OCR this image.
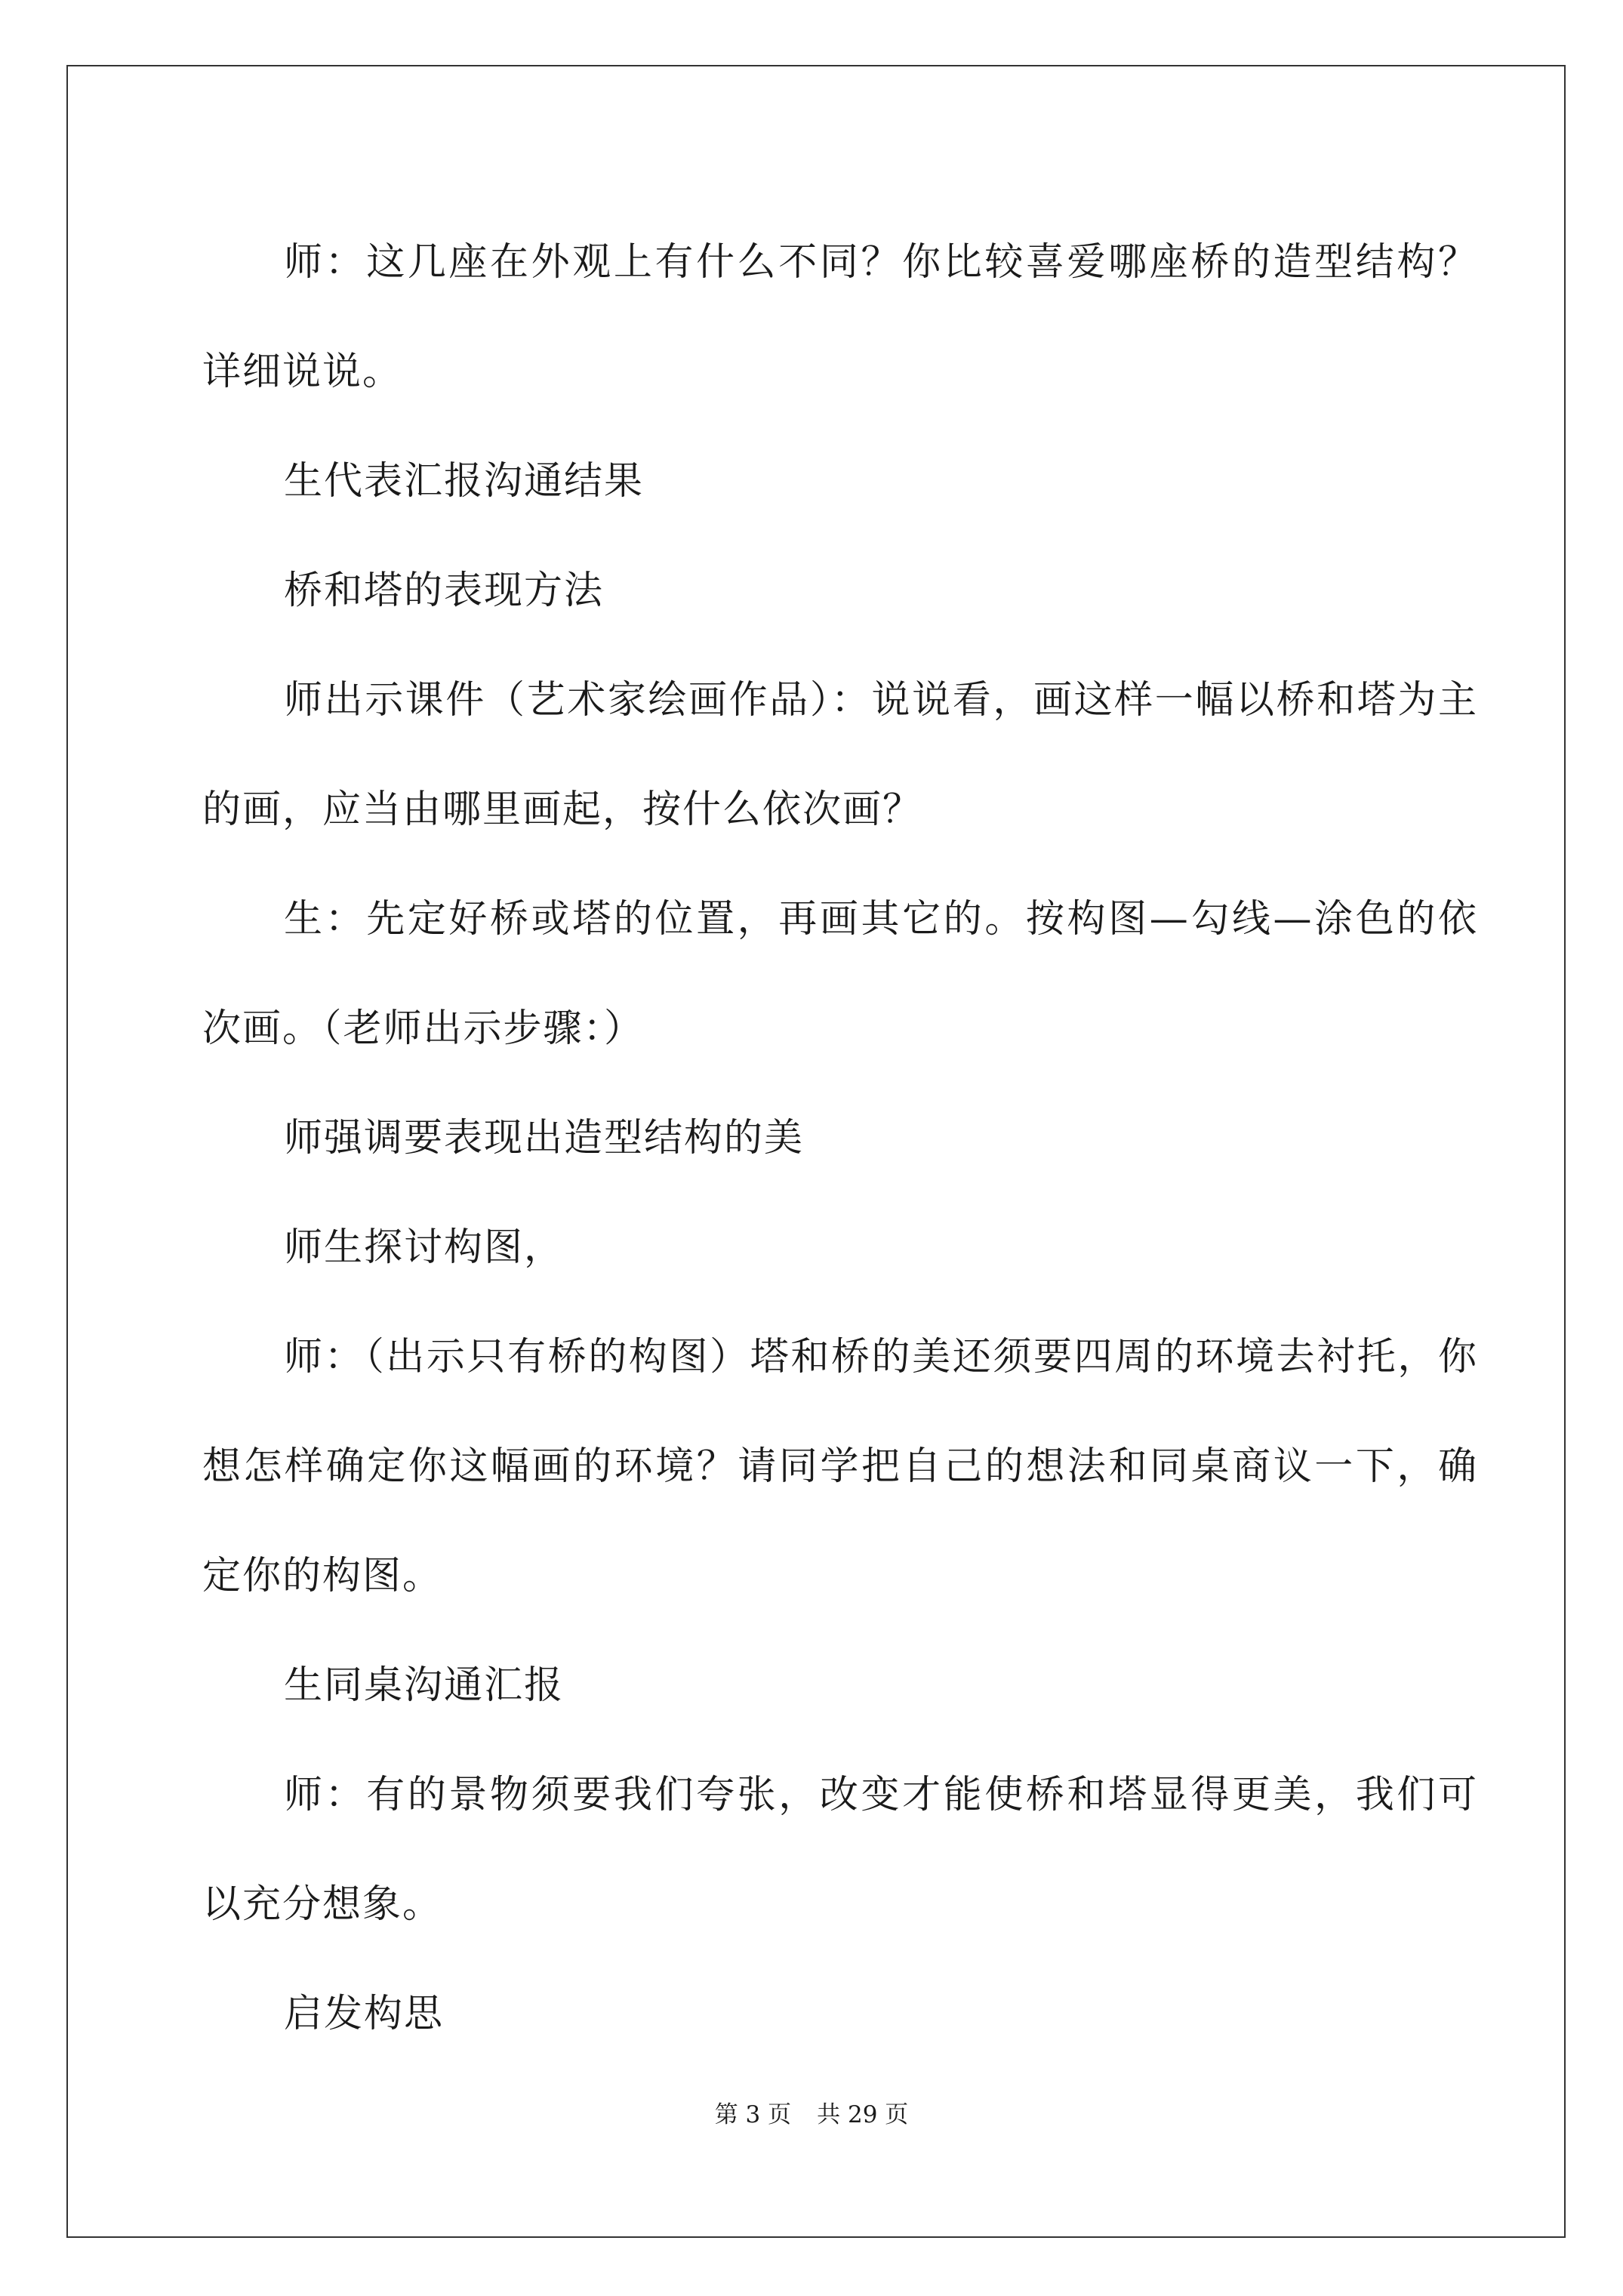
师：这几座在外观上有什么不同？你比较喜爱哪座桥的造型结构？详细说说。

生代表汇报沟通结果

桥和塔的表现方法

师出示课件（艺术家绘画作品）：说说看，画这样一幅以桥和塔为主的画，应当由哪里画起，按什么依次画？

生：先定好桥或塔的位置，再画其它的。按构图—勾线—涂色的依次画。（老师出示步骤：）

师强调要表现出造型结构的美

师生探讨构图，

师：（出示只有桥的构图）塔和桥的美还须要四周的环境去衬托，你想怎样确定你这幅画的环境？请同学把自己的想法和同桌商议一下，确定你的构图。

生同桌沟通汇报

师：有的景物须要我们夸张，改变才能使桥和塔显得更美，我们可以充分想象。

启发构思

第 3 页 共 29 页
